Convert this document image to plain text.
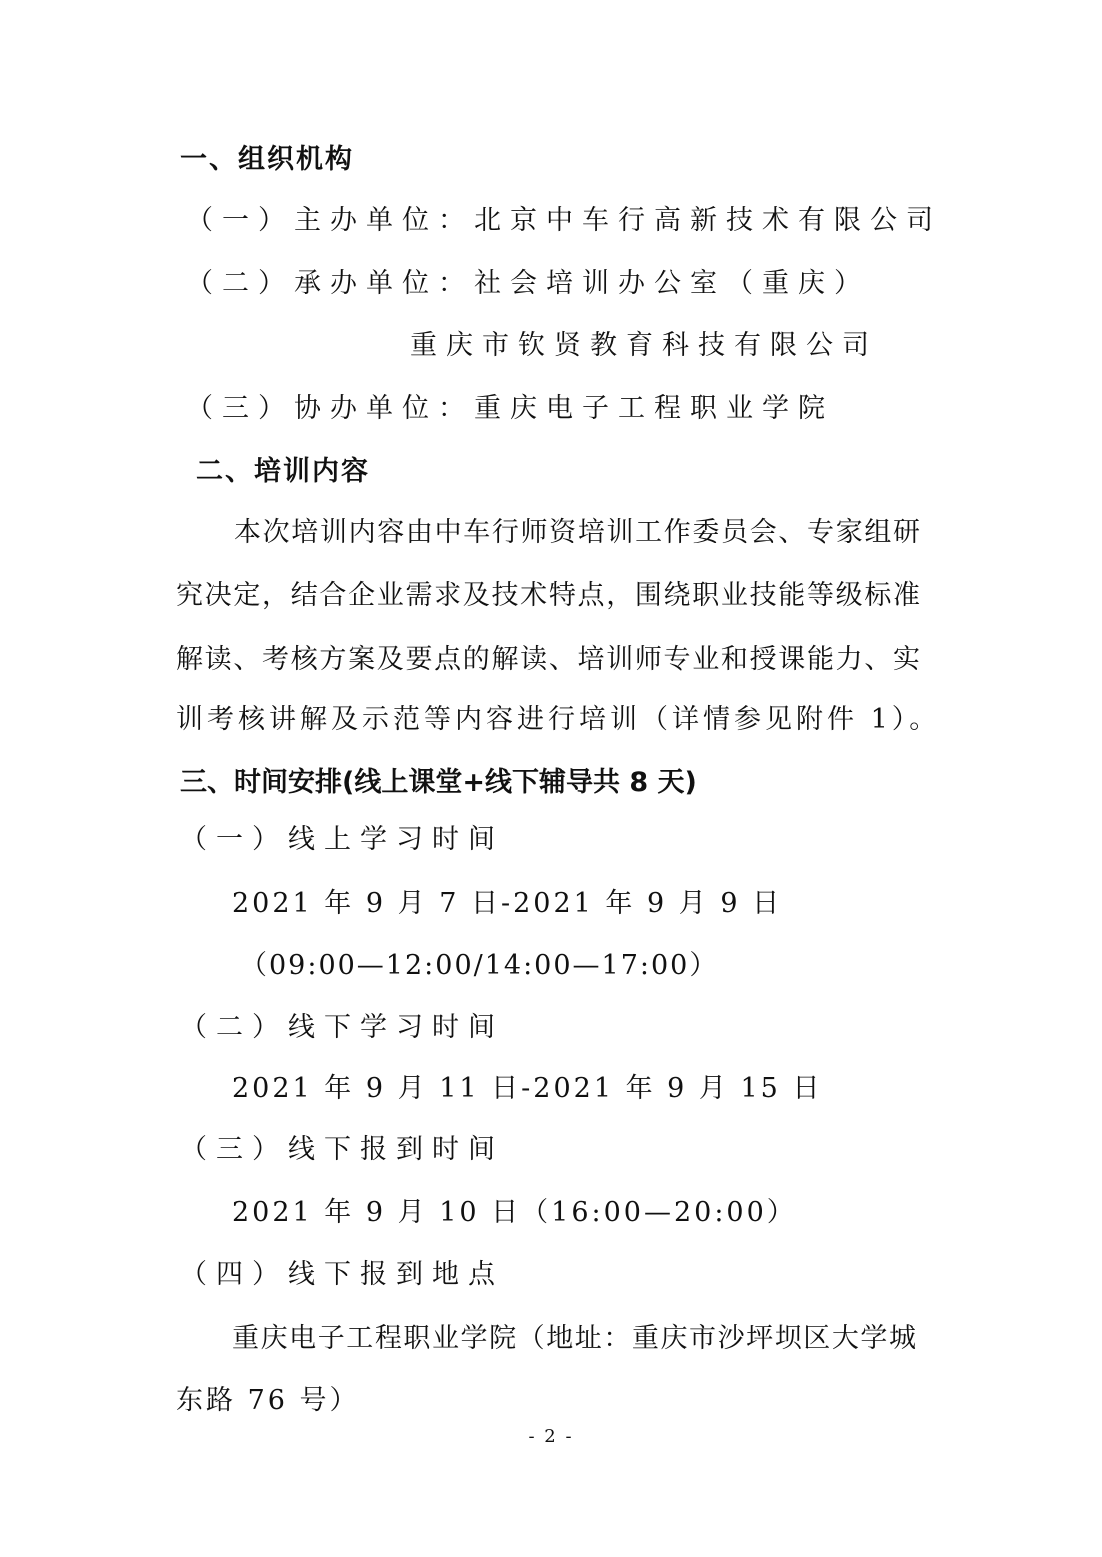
一、组织机构
（一）主办单位：北京中车行高新技术有限公司
（二）承办单位：社会培训办公室（重庆）
重庆市钦贤教育科技有限公司
（三）协办单位：重庆电子工程职业学院
二、培训内容
本次培训内容由中车行师资培训工作委员会、专家组研
究决定，结合企业需求及技术特点，围绕职业技能等级标准
解读、考核方案及要点的解读、培训师专业和授课能力、实
训考核讲解及示范等内容进行培训（详情参见附件 1）。
三、时间安排(线上课堂+线下辅导共 8 天)
（一）线上学习时间
2021 年 9 月 7 日-2021 年 9 月 9 日
（09:00—12:00/14:00—17:00）
（二）线下学习时间
2021 年 9 月 11 日-2021 年 9 月 15 日
（三）线下报到时间
2021 年 9 月 10 日（16:00—20:00）
（四）线下报到地点
重庆电子工程职业学院（地址：重庆市沙坪坝区大学城
东路 76 号）
- 2 -
